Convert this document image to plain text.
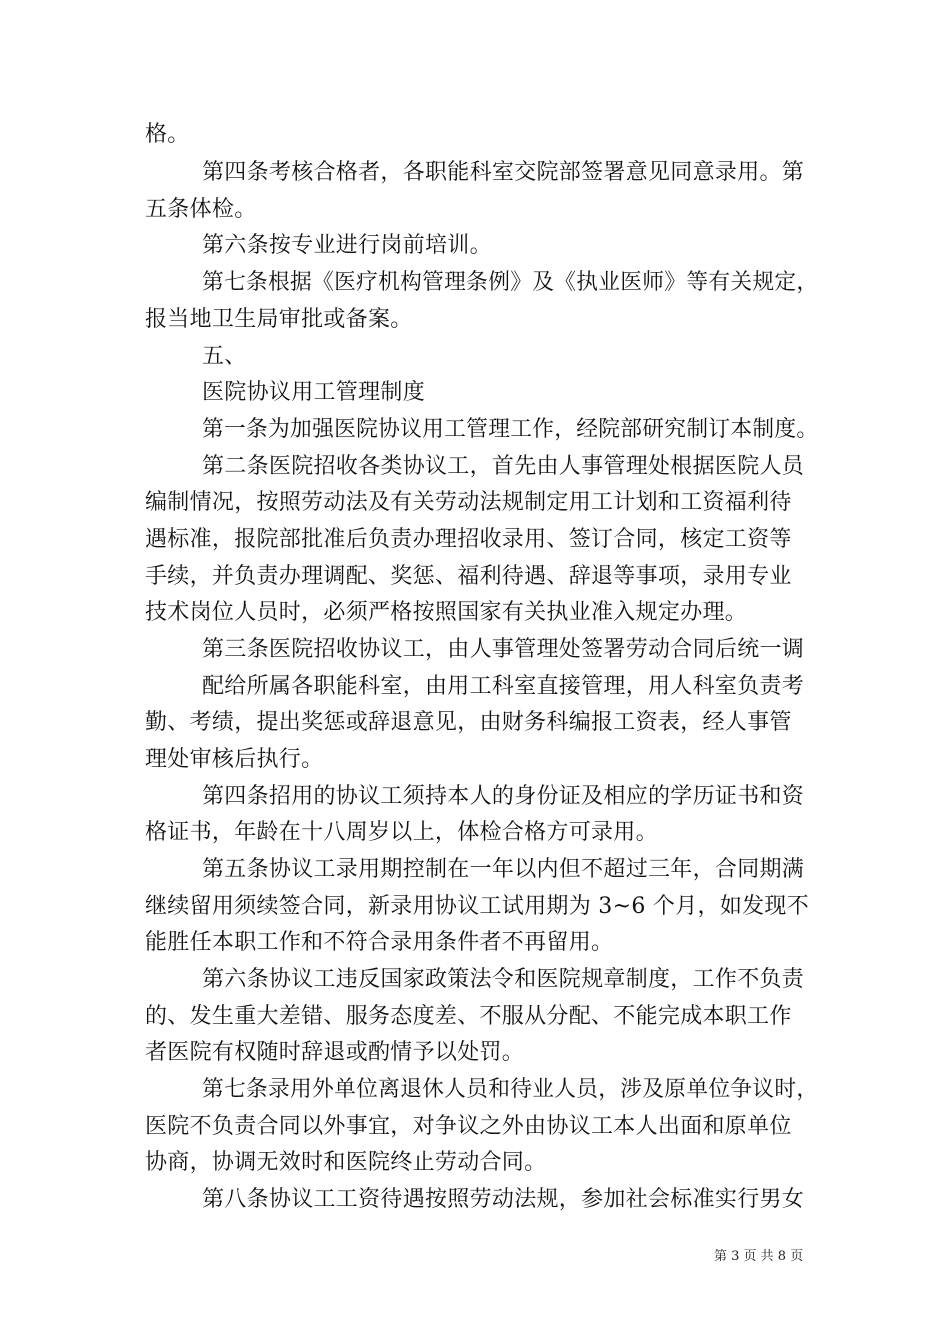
格。
第四条考核合格者，各职能科室交院部签署意见同意录用。第
五条体检。
第六条按专业进行岗前培训。
第七条根据《医疗机构管理条例》及《执业医师》等有关规定，
报当地卫生局审批或备案。
五、
医院协议用工管理制度
第一条为加强医院协议用工管理工作，经院部研究制订本制度。
第二条医院招收各类协议工，首先由人事管理处根据医院人员
编制情况，按照劳动法及有关劳动法规制定用工计划和工资福利待
遇标准，报院部批准后负责办理招收录用、签订合同，核定工资等
手续，并负责办理调配、奖惩、福利待遇、辞退等事项，录用专业
技术岗位人员时，必须严格按照国家有关执业准入规定办理。
第三条医院招收协议工，由人事管理处签署劳动合同后统一调
配给所属各职能科室，由用工科室直接管理，用人科室负责考
勤、考绩，提出奖惩或辞退意见，由财务科编报工资表，经人事管
理处审核后执行。
第四条招用的协议工须持本人的身份证及相应的学历证书和资
格证书，年龄在十八周岁以上，体检合格方可录用。
第五条协议工录用期控制在一年以内但不超过三年，合同期满
继续留用须续签合同，新录用协议工试用期为 3~6 个月，如发现不
能胜任本职工作和不符合录用条件者不再留用。
第六条协议工违反国家政策法令和医院规章制度，工作不负责
的、发生重大差错、服务态度差、不服从分配、不能完成本职工作
者医院有权随时辞退或酌情予以处罚。
第七条录用外单位离退休人员和待业人员，涉及原单位争议时，
医院不负责合同以外事宜，对争议之外由协议工本人出面和原单位
协商，协调无效时和医院终止劳动合同。
第八条协议工工资待遇按照劳动法规，参加社会标准实行男女
第 3 页 共 8 页
